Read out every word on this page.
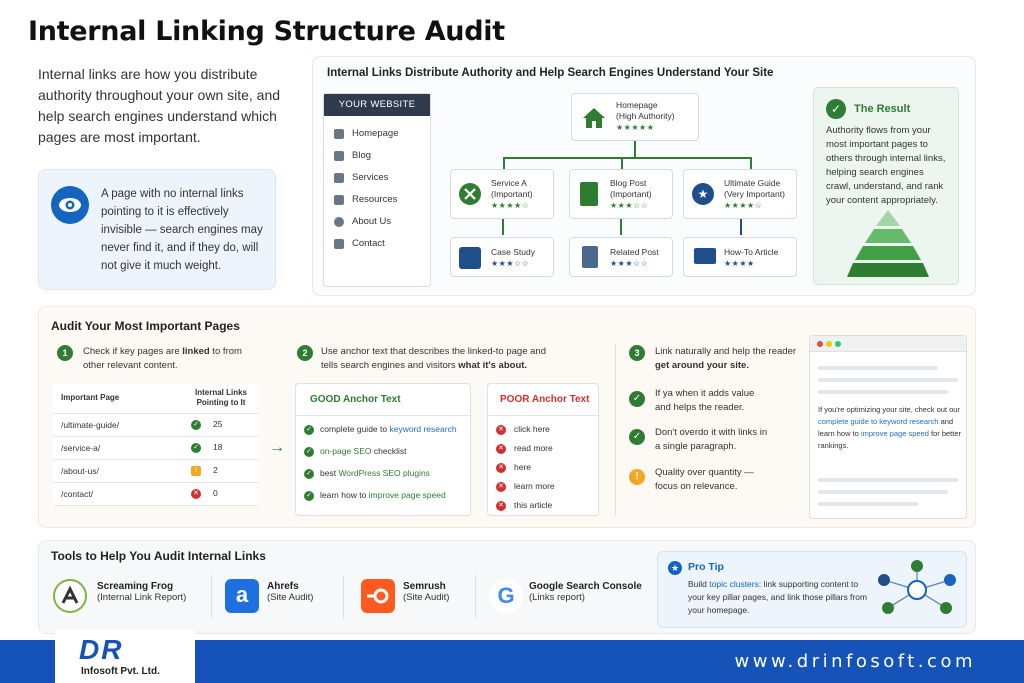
Internal Linking Structure Audit
Internal links are how you distribute authority throughout your own site, and help search engines understand which pages are most important.
A page with no internal links pointing to it is effectively invisible — search engines may never find it, and if they do, will not give it much weight.
Internal Links Distribute Authority and Help Search Engines Understand Your Site
YOUR WEBSITE
Homepage
Blog
Services
Resources
About Us
Contact
Homepage
(High Authority)
★★★★★
Service A
(Important)
★★★★☆
Blog Post
(Important)
★★★☆☆
★
Ultimate Guide
(Very Important)
★★★★☆
Case Study
★★★☆☆
Related Post
★★★☆☆
How-To Article
★★★★
✓	The Result
Authority flows from your most important pages to others through internal links, helping search engines crawl, understand, and rank your content appropriately.
Audit Your Most Important Pages
1	Check if key pages are linked to from other relevant content.
Important Page	Internal Links Pointing to It
/ultimate-guide/	✓ 25
/service-a/	✓ 18
/about-us/	! 2
/contact/	✕ 0
→
2	Use anchor text that describes the linked-to page and tells search engines and visitors what it's about.
GOOD Anchor Text
✓ complete guide to keyword research
✓ on-page SEO checklist
✓ best WordPress SEO plugins
✓ learn how to improve page speed
POOR Anchor Text
✕ click here
✕ read more
✕ here
✕ learn more
✕ this article
3	Link naturally and help the reader get around your site.
✓	If ya when it adds value and helps the reader.
✓	Don't overdo it with links in a single paragraph.
!	Quality over quantity — focus on relevance.
If you're optimizing your site, check out our complete guide to keyword research and learn how to improve page speed for better rankings.
Tools to Help You Audit Internal Links
Screaming Frog
(Internal Link Report)	a	Ahrefs
(Site Audit)
Semrush
(Site Audit)	G	Google Search Console
(Links report)
★ Pro Tip
Build topic clusters: link supporting content to your key pillar pages, and link those pillars from your homepage.
DR
Infosoft Pvt. Ltd.	www.drinfosoft.com
